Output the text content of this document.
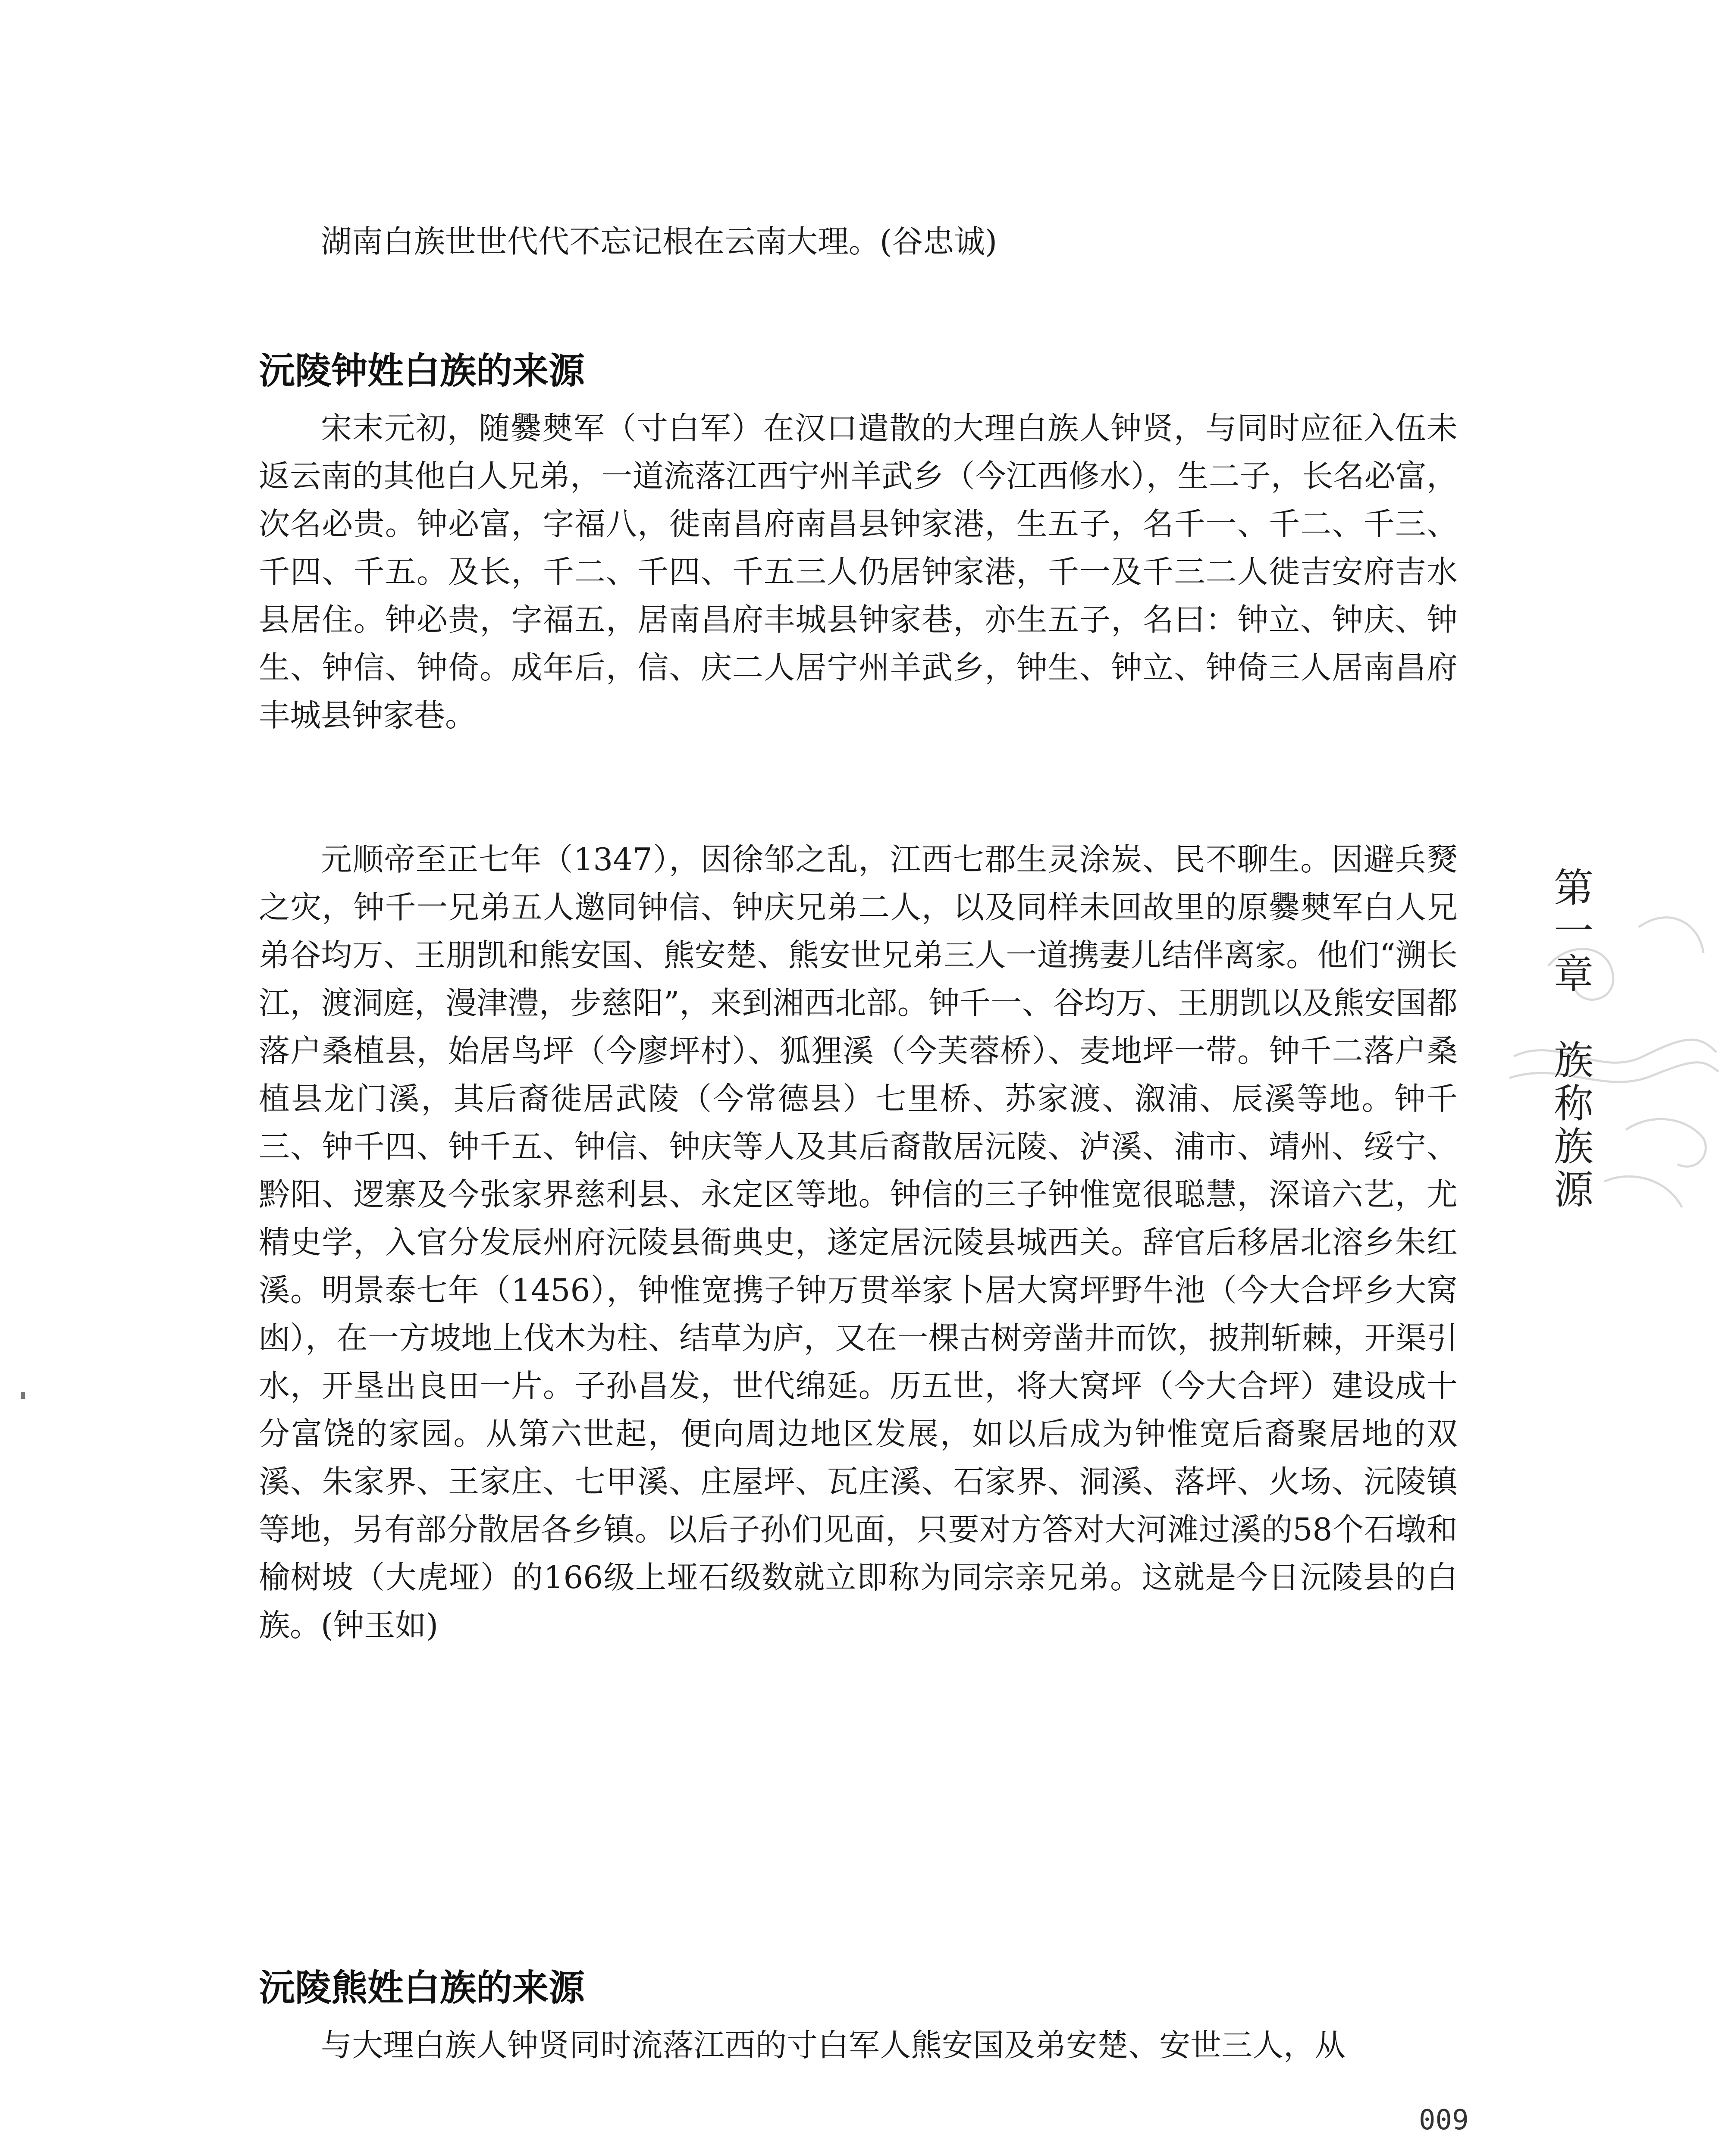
湖南白族世世代代不忘记根在云南大理。(谷忠诚)

沅陵钟姓白族的来源

宋末元初，随爨僰军（寸白军）在汉口遣散的大理白族人钟贤，与同时应征入伍未返云南的其他白人兄弟，一道流落江西宁州羊武乡（今江西修水），生二子，长名必富，次名必贵。钟必富，字福八，徙南昌府南昌县钟家港，生五子，名千一、千二、千三、千四、千五。及长，千二、千四、千五三人仍居钟家港，千一及千三二人徙吉安府吉水县居住。钟必贵，字福五，居南昌府丰城县钟家巷，亦生五子，名曰：钟立、钟庆、钟生、钟信、钟倚。成年后，信、庆二人居宁州羊武乡，钟生、钟立、钟倚三人居南昌府丰城县钟家巷。

元顺帝至正七年（1347），因徐邹之乱，江西七郡生灵涂炭、民不聊生。因避兵燹之灾，钟千一兄弟五人邀同钟信、钟庆兄弟二人，以及同样未回故里的原爨僰军白人兄弟谷均万、王朋凯和熊安国、熊安楚、熊安世兄弟三人一道携妻儿结伴离家。他们“溯长江，渡洞庭，漫津澧，步慈阳”，来到湘西北部。钟千一、谷均万、王朋凯以及熊安国都落户桑植县，始居鸟坪（今廖坪村）、狐狸溪（今芙蓉桥）、麦地坪一带。钟千二落户桑植县龙门溪，其后裔徙居武陵（今常德县）七里桥、苏家渡、溆浦、辰溪等地。钟千三、钟千四、钟千五、钟信、钟庆等人及其后裔散居沅陵、泸溪、浦市、靖州、绥宁、黔阳、逻寨及今张家界慈利县、永定区等地。钟信的三子钟惟宽很聪慧，深谙六艺，尤精史学，入官分发辰州府沅陵县衙典史，遂定居沅陵县城西关。辞官后移居北溶乡朱红溪。明景泰七年（1456），钟惟宽携子钟万贯举家卜居大窝坪野牛池（今大合坪乡大窝凼），在一方坡地上伐木为柱、结草为庐，又在一棵古树旁凿井而饮，披荆斩棘，开渠引水，开垦出良田一片。子孙昌发，世代绵延。历五世，将大窝坪（今大合坪）建设成十分富饶的家园。从第六世起，便向周边地区发展，如以后成为钟惟宽后裔聚居地的双溪、朱家界、王家庄、七甲溪、庄屋坪、瓦庄溪、石家界、洞溪、落坪、火场、沅陵镇等地，另有部分散居各乡镇。以后子孙们见面，只要对方答对大河滩过溪的58个石墩和榆树坡（大虎垭）的166级上垭石级数就立即称为同宗亲兄弟。这就是今日沅陵县的白族。(钟玉如)

沅陵熊姓白族的来源

与大理白族人钟贤同时流落江西的寸白军人熊安国及弟安楚、安世三人，从

第一章
族称族源
009
